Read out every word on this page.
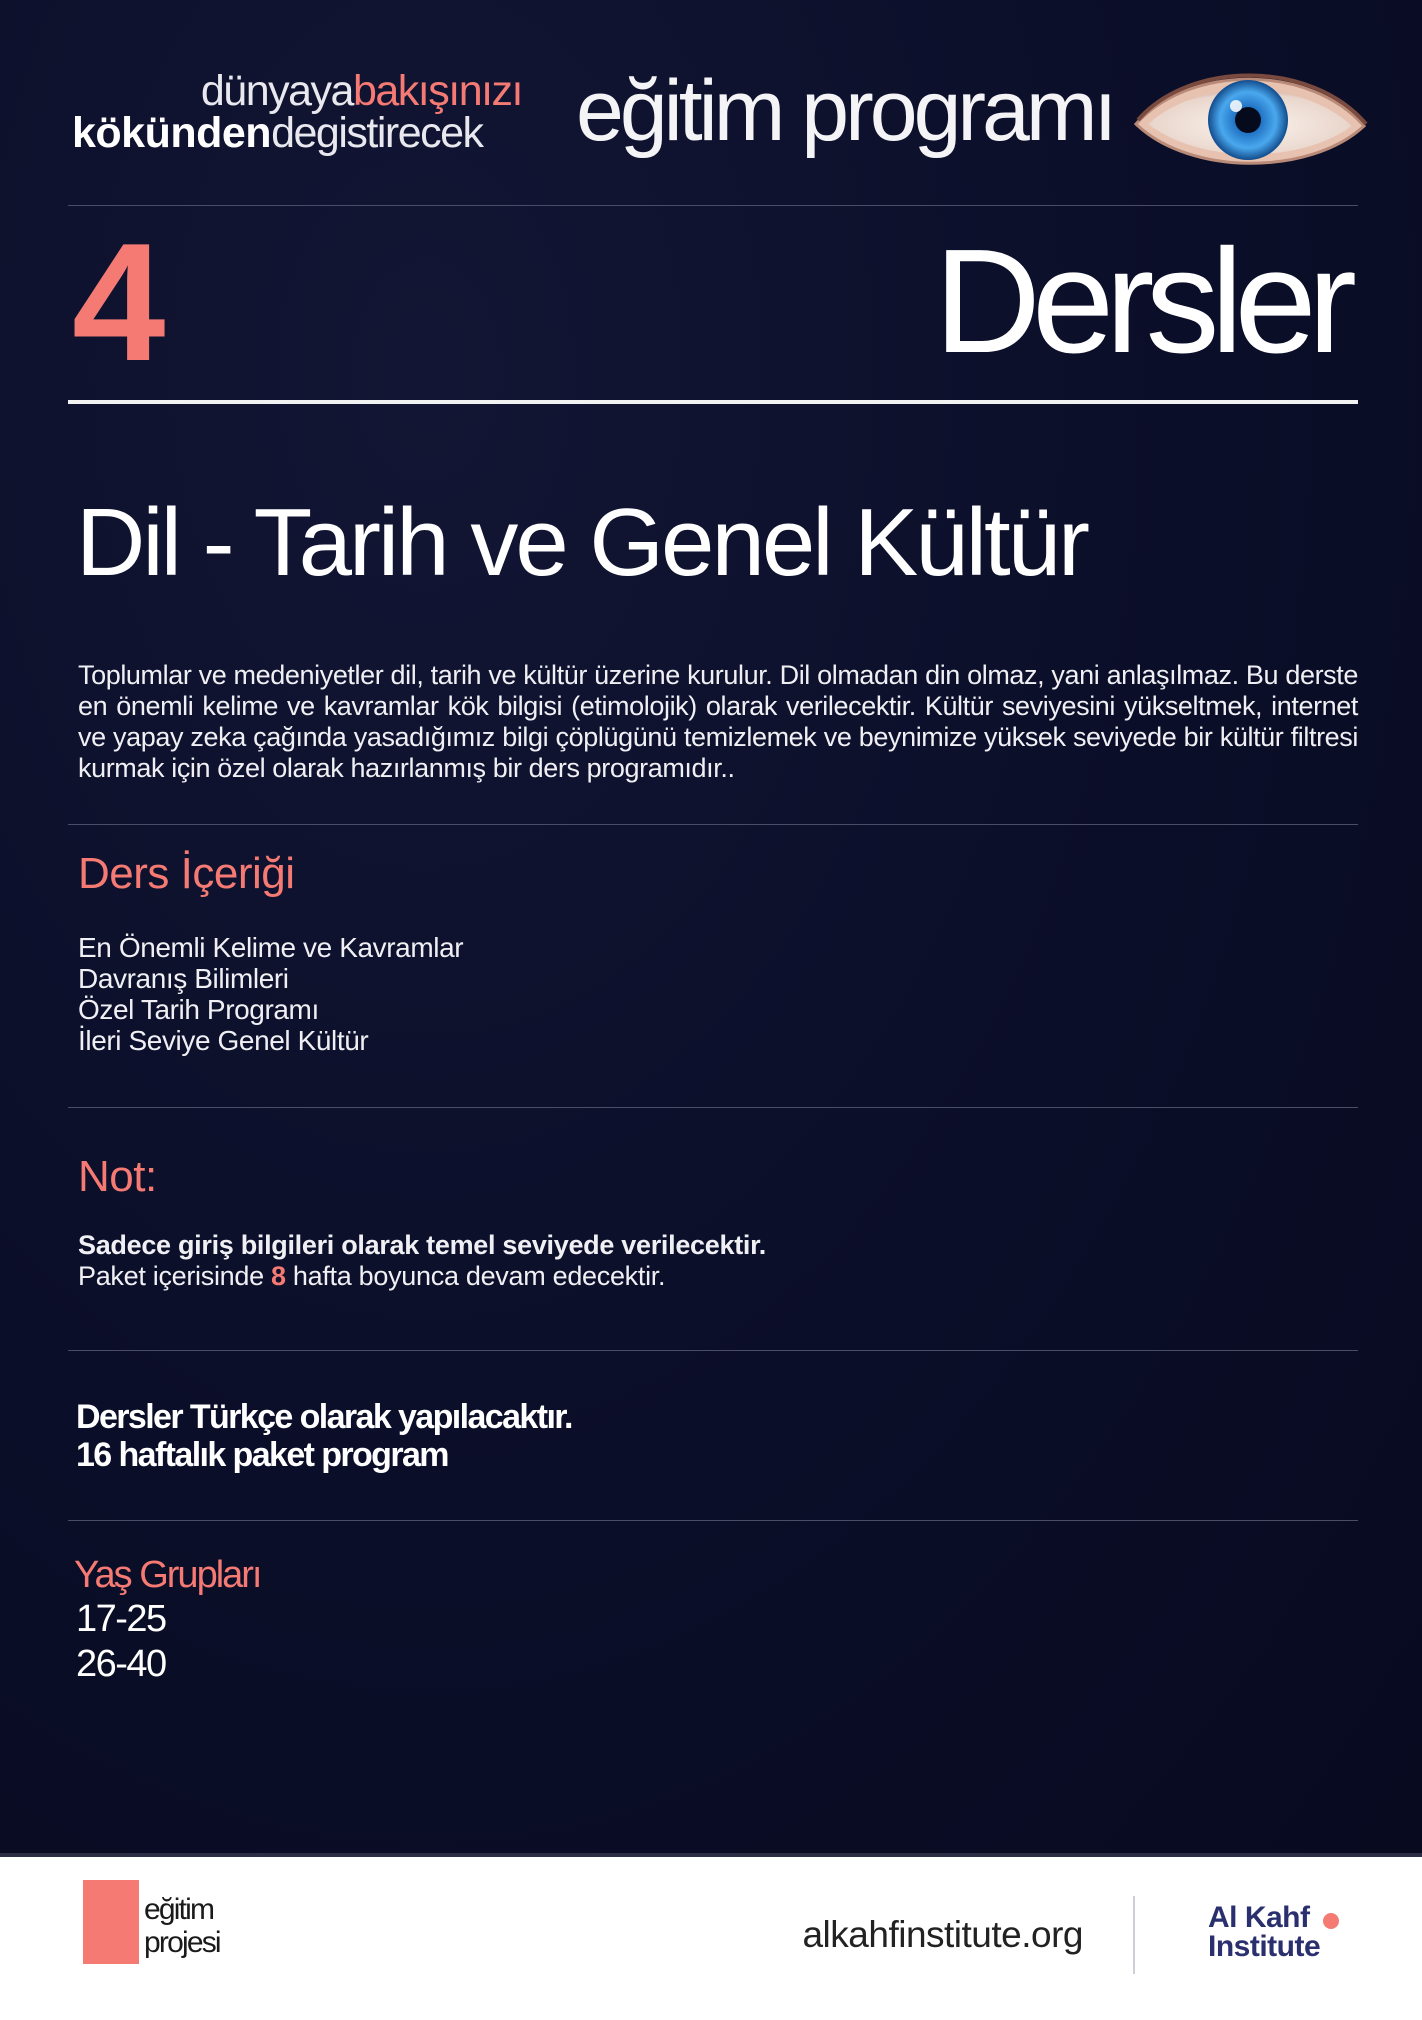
dünyayabakışınızı
kökündendegistirecek eğitim programı
4	Dersler
Dil - Tarih ve Genel Kültür
Toplumlar ve medeniyetler dil, tarih ve kültür üzerine kurulur. Dil olmadan din olmaz, yani anlaşılmaz. Bu derste en önemli kelime ve kavramlar kök bilgisi (etimolojik) olarak verilecektir. Kültür seviyesini yükseltmek, internet ve yapay zeka çağında yasadığımız bilgi çöplügünü temizlemek ve beynimize yüksek seviyede bir kültür filtresi kurmak için özel olarak hazırlanmış bir ders programıdır..
Ders İçeriği
En Önemli Kelime ve Kavramlar
Davranış Bilimleri
Özel Tarih Programı
İleri Seviye Genel Kültür
Not:
Sadece giriş bilgileri olarak temel seviyede verilecektir.
Paket içerisinde 8 hafta boyunca devam edecektir.
Dersler Türkçe olarak yapılacaktır.
16 haftalık paket program
Yaş Grupları
17-25
26-40
eğitim
projesi	alkahfinstitute.org	Al Kahf
Institute
